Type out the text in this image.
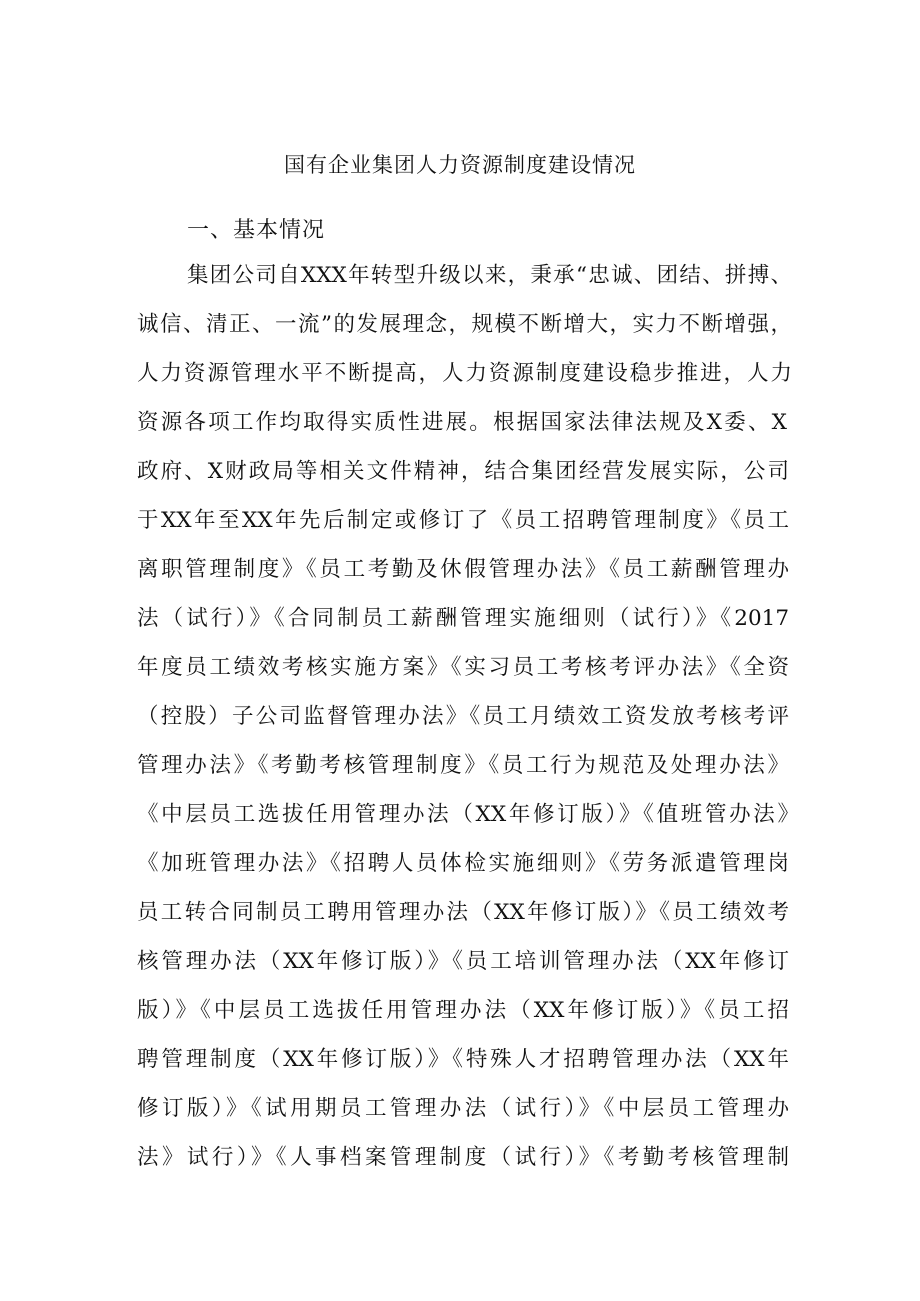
国有企业集团人力资源制度建设情况
一、基本情况
集团公司自XXX年转型升级以来，秉承“忠诚、团结、拼搏、
诚信、清正、一流”的发展理念，规模不断增大，实力不断增强，
人力资源管理水平不断提高，人力资源制度建设稳步推进，人力
资源各项工作均取得实质性进展。根据国家法律法规及X委、X
政府、X财政局等相关文件精神，结合集团经营发展实际，公司
于XX年至XX年先后制定或修订了《员工招聘管理制度》《员工
离职管理制度》《员工考勤及休假管理办法》《员工薪酬管理办
法（试行）》《合同制员工薪酬管理实施细则（试行）》《2017
年度员工绩效考核实施方案》《实习员工考核考评办法》《全资
（控股）子公司监督管理办法》《员工月绩效工资发放考核考评
管理办法》《考勤考核管理制度》《员工行为规范及处理办法》
《中层员工选拔任用管理办法（XX年修订版）》《值班管办法》
《加班管理办法》《招聘人员体检实施细则》《劳务派遣管理岗
员工转合同制员工聘用管理办法（XX年修订版）》《员工绩效考
核管理办法（XX年修订版）》《员工培训管理办法（XX年修订
版）》《中层员工选拔任用管理办法（XX年修订版）》《员工招
聘管理制度（XX年修订版）》《特殊人才招聘管理办法（XX年
修订版）》《试用期员工管理办法（试行）》《中层员工管理办
法》试行）》《人事档案管理制度（试行）》《考勤考核管理制
